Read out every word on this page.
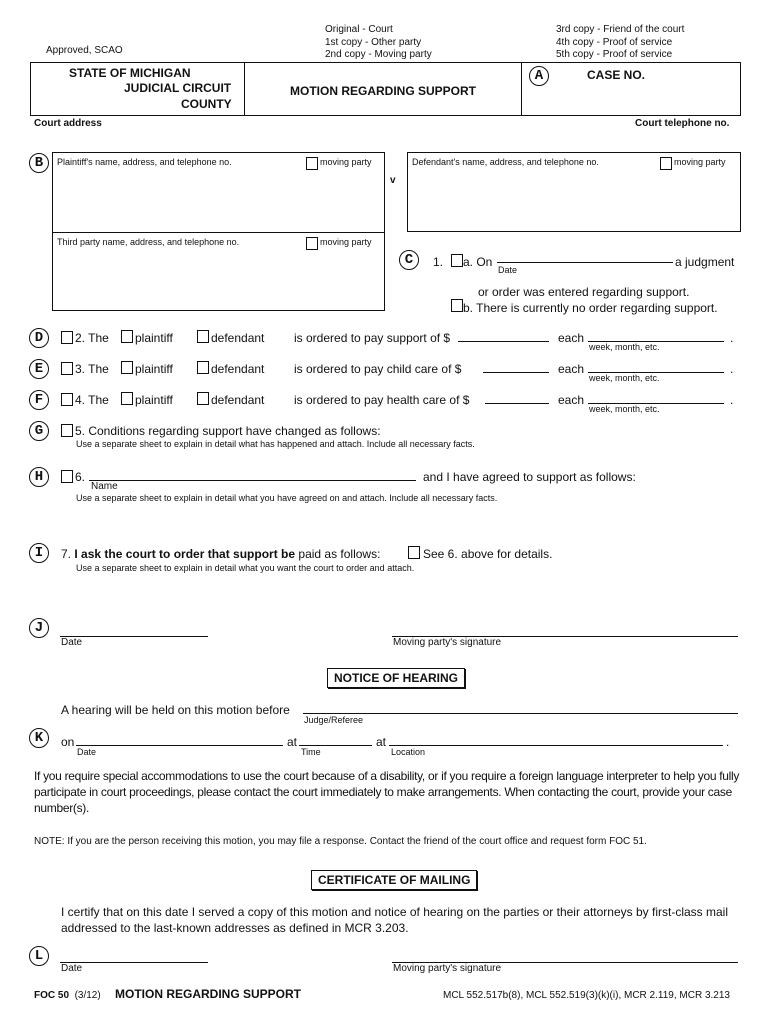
Approved, SCAO
Original - Court
1st copy - Other party
2nd copy - Moving party
3rd copy - Friend of the court
4th copy - Proof of service
5th copy - Proof of service
STATE OF MICHIGAN
JUDICIAL CIRCUIT
COUNTY
MOTION REGARDING SUPPORT
A	CASE NO.
Court address	Court telephone no.
B	Plaintiff's name, address, and telephone no.	moving party
Third party name, address, and telephone no.	moving party
v
Defendant's name, address, and telephone no.	moving party
C	1. a. On
Date
a judgment
or order was entered regarding support.
b. There is currently no order regarding support.
D	2. The plaintiff	defendant is ordered to pay support of $	each
week, month, etc.
.
E	3. The plaintiff	defendant is ordered to pay child care of $	each
week, month, etc.
.
F	4. The plaintiff	defendant is ordered to pay health care of $	each
week, month, etc.
.
G	5. Conditions regarding support have changed as follows:
Use a separate sheet to explain in detail what has happened and attach. Include all necessary facts.
H	6.
Name
and I have agreed to support as follows:
Use a separate sheet to explain in detail what you have agreed on and attach. Include all necessary facts.
I	7. I ask the court to order that support be paid as follows:	See 6. above for details.
Use a separate sheet to explain in detail what you want the court to order and attach.
J
Date	Moving party's signature
NOTICE OF HEARING
A hearing will be held on this motion before
Judge/Referee
K	on
Date
at
Time
at
Location
.
If you require special accommodations to use the court because of a disability, or if you require a foreign language interpreter to help you fully participate in court proceedings, please contact the court immediately to make arrangements. When contacting the court, provide your case number(s).
NOTE: If you are the person receiving this motion, you may file a response. Contact the friend of the court office and request form FOC 51.
CERTIFICATE OF MAILING
I certify that on this date I served a copy of this motion and notice of hearing on the parties or their attorneys by first-class mail addressed to the last-known addresses as defined in MCR 3.203.
L
Date	Moving party's signature
FOC 50 (3/12) MOTION REGARDING SUPPORT	MCL 552.517b(8), MCL 552.519(3)(k)(i), MCR 2.119, MCR 3.213
